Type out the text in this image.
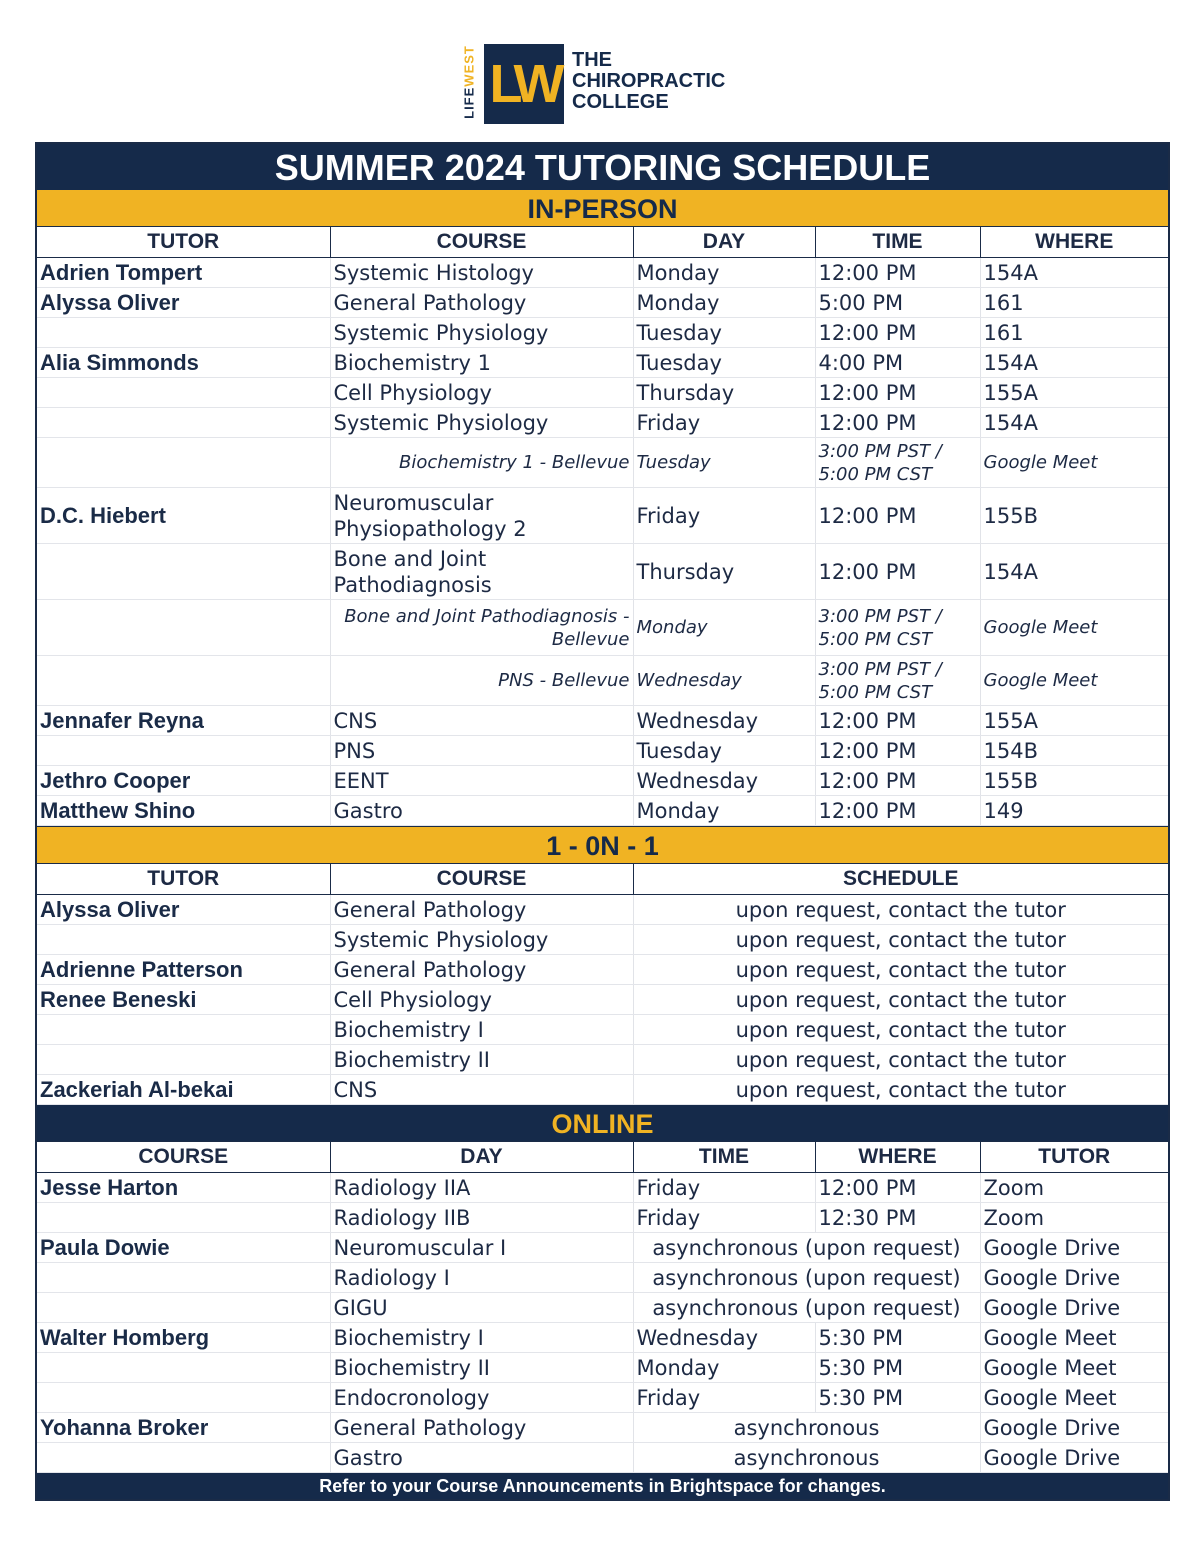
LIFEWEST LW THE
CHIROPRACTIC
COLLEGE
SUMMER 2024 TUTORING SCHEDULE
IN-PERSON
TUTOR	COURSE	DAY	TIME	WHERE
Adrien Tompert	Systemic Histology	Monday	12:00 PM	154A
Alyssa Oliver	General Pathology	Monday	5:00 PM	161
	Systemic Physiology	Tuesday	12:00 PM	161
Alia Simmonds	Biochemistry 1	Tuesday	4:00 PM	154A
	Cell Physiology	Thursday	12:00 PM	155A
	Systemic Physiology	Friday	12:00 PM	154A
	Biochemistry 1 - Bellevue	Tuesday	3:00 PM PST / 5:00 PM CST	Google Meet
D.C. Hiebert	Neuromuscular Physiopathology 2	Friday	12:00 PM	155B
	Bone and Joint Pathodiagnosis	Thursday	12:00 PM	154A
	Bone and Joint Pathodiagnosis - Bellevue	Monday	3:00 PM PST / 5:00 PM CST	Google Meet
	PNS - Bellevue	Wednesday	3:00 PM PST / 5:00 PM CST	Google Meet
Jennafer Reyna	CNS	Wednesday	12:00 PM	155A
	PNS	Tuesday	12:00 PM	154B
Jethro Cooper	EENT	Wednesday	12:00 PM	155B
Matthew Shino	Gastro	Monday	12:00 PM	149
1 - 0N - 1
TUTOR	COURSE	SCHEDULE
Alyssa Oliver	General Pathology	upon request, contact the tutor
	Systemic Physiology	upon request, contact the tutor
Adrienne Patterson	General Pathology	upon request, contact the tutor
Renee Beneski	Cell Physiology	upon request, contact the tutor
	Biochemistry I	upon request, contact the tutor
	Biochemistry II	upon request, contact the tutor
Zackeriah Al-bekai	CNS	upon request, contact the tutor
ONLINE
COURSE	DAY	TIME	WHERE	TUTOR
Jesse Harton	Radiology IIA	Friday	12:00 PM	Zoom
	Radiology IIB	Friday	12:30 PM	Zoom
Paula Dowie	Neuromuscular I	asynchronous (upon request)		Google Drive
	Radiology I	asynchronous (upon request)		Google Drive
	GIGU	asynchronous (upon request)		Google Drive
Walter Homberg	Biochemistry I	Wednesday	5:30 PM	Google Meet
	Biochemistry II	Monday	5:30 PM	Google Meet
	Endocronology	Friday	5:30 PM	Google Meet
Yohanna Broker	General Pathology	asynchronous		Google Drive
	Gastro	asynchronous		Google Drive
Refer to your Course Announcements in Brightspace for changes.
